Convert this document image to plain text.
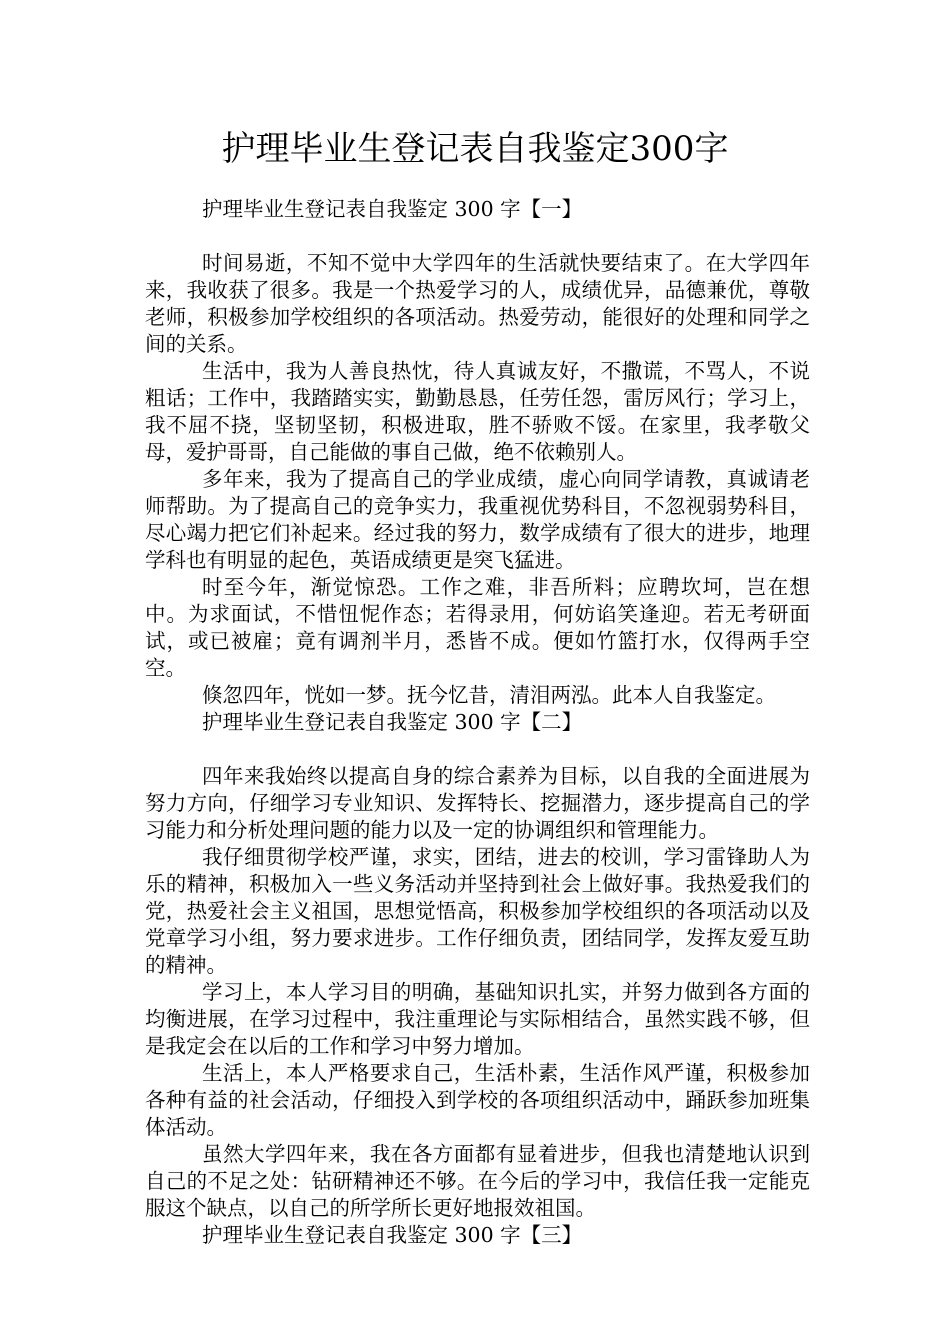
护理毕业生登记表自我鉴定300字

护理毕业生登记表自我鉴定 300 字【一】

时间易逝，不知不觉中大学四年的生活就快要结束了。在大学四年来，我收获了很多。我是一个热爱学习的人，成绩优异，品德兼优，尊敬老师，积极参加学校组织的各项活动。热爱劳动，能很好的处理和同学之间的关系。

生活中，我为人善良热忱，待人真诚友好，不撒谎，不骂人，不说粗话；工作中，我踏踏实实，勤勤恳恳，任劳任怨，雷厉风行；学习上，我不屈不挠，坚韧坚韧，积极进取，胜不骄败不馁。在家里，我孝敬父母，爱护哥哥，自己能做的事自己做，绝不依赖别人。

多年来，我为了提高自己的学业成绩，虚心向同学请教，真诚请老师帮助。为了提高自己的竞争实力，我重视优势科目，不忽视弱势科目，尽心竭力把它们补起来。经过我的努力，数学成绩有了很大的进步，地理学科也有明显的起色，英语成绩更是突飞猛进。

时至今年，渐觉惊恐。工作之难，非吾所料；应聘坎坷，岂在想中。为求面试，不惜忸怩作态；若得录用，何妨谄笑逢迎。若无考研面试，或已被雇；竟有调剂半月，悉皆不成。便如竹篮打水，仅得两手空空。

倏忽四年，恍如一梦。抚今忆昔，清泪两泓。此本人自我鉴定。

护理毕业生登记表自我鉴定 300 字【二】

四年来我始终以提高自身的综合素养为目标，以自我的全面进展为努力方向，仔细学习专业知识、发挥特长、挖掘潜力，逐步提高自己的学习能力和分析处理问题的能力以及一定的协调组织和管理能力。

我仔细贯彻学校严谨，求实，团结，进去的校训，学习雷锋助人为乐的精神，积极加入一些义务活动并坚持到社会上做好事。我热爱我们的党，热爱社会主义祖国，思想觉悟高，积极参加学校组织的各项活动以及党章学习小组，努力要求进步。工作仔细负责，团结同学，发挥友爱互助的精神。

学习上，本人学习目的明确，基础知识扎实，并努力做到各方面的均衡进展，在学习过程中，我注重理论与实际相结合，虽然实践不够，但是我定会在以后的工作和学习中努力增加。

生活上，本人严格要求自己，生活朴素，生活作风严谨，积极参加各种有益的社会活动，仔细投入到学校的各项组织活动中，踊跃参加班集体活动。

虽然大学四年来，我在各方面都有显着进步，但我也清楚地认识到自己的不足之处：钻研精神还不够。在今后的学习中，我信任我一定能克服这个缺点，以自己的所学所长更好地报效祖国。

护理毕业生登记表自我鉴定 300 字【三】
